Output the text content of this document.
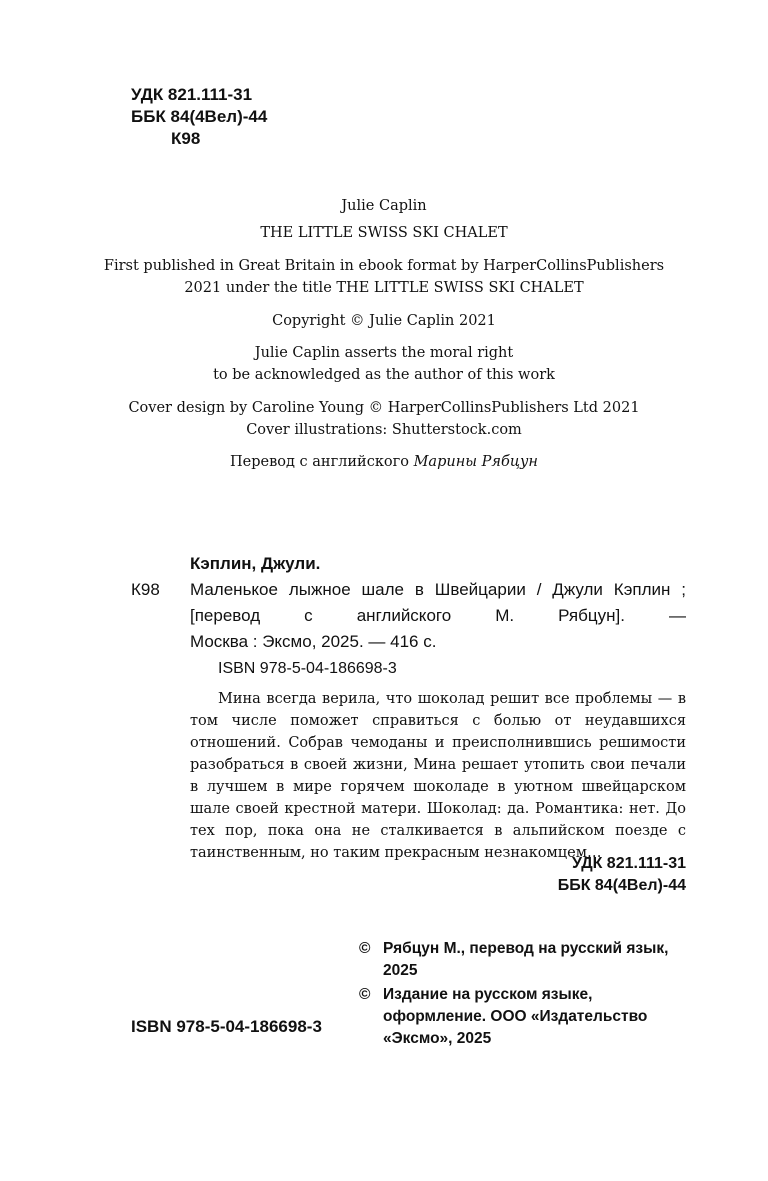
УДК 821.111-31
ББК 84(4Вел)-44
К98

Julie Caplin

THE LITTLE SWISS SKI CHALET

First published in Great Britain in ebook format by HarperCollinsPublishers

2021 under the title THE LITTLE SWISS SKI CHALET

Copyright © Julie Caplin 2021

Julie Caplin asserts the moral right

to be acknowledged as the author of this work

Cover design by Caroline Young © HarperCollinsPublishers Ltd 2021

Cover illustrations: Shutterstock.com

Перевод с английского Марины Рябцун

Кэплин, Джули.
К98 Маленькое лыжное шале в Швейцарии / Джули Кэплин ; [перевод с английского М. Рябцун]. —
Москва : Эксмо, 2025. — 416 с.
ISBN 978-5-04-186698-3

Мина всегда верила, что шоколад решит все проблемы — в том числе поможет справиться с болью от неудавшихся отношений. Собрав чемоданы и преисполнившись решимости разобраться в своей жизни, Мина решает утопить свои печали в лучшем в мире горячем шоколаде в уютном швейцарском шале своей крестной матери. Шоколад: да. Романтика: нет. До тех пор, пока она не сталкивается в альпийском поезде с таинственным, но таким прекрасным незнакомцем…

УДК 821.111-31
ББК 84(4Вел)-44
© Рябцун М., перевод на русский язык, 2025
© Издание на русском языке, оформление. ООО «Издательство «Эксмо», 2025
ISBN 978-5-04-186698-3
